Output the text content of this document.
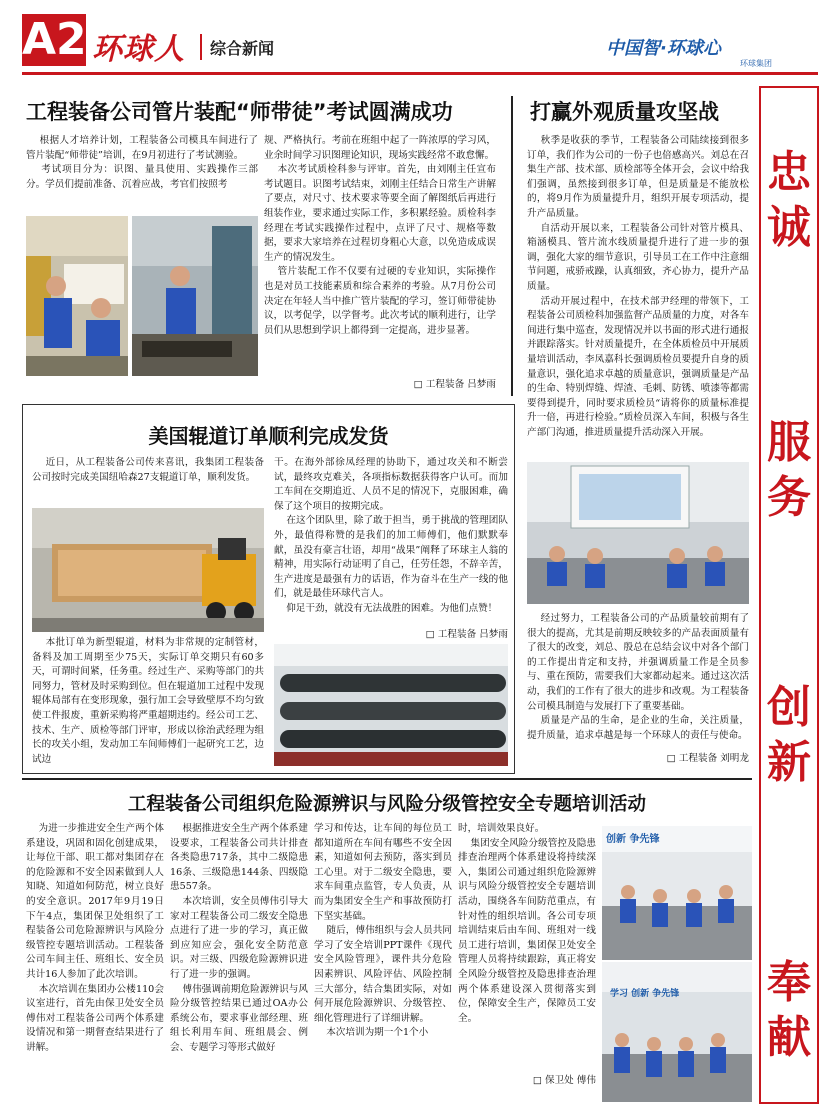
A2 环球人 综合新闻	中国智·环球心
环球集团
工程装备公司管片装配“师带徒”考试圆满成功
根据人才培养计划，工程装备公司模具车间进行了管片装配“师带徒”培训，在9月初进行了考试测验。
考试项目分为：识图、量具使用、实践操作三部分。学员们提前准备、沉着应战，考官们按照考
规、严格执行。考前在班组中起了一阵浓厚的学习风，业余时间学习识图理论知识，现场实践经常不敢怠懈。
本次考试质检科参与评审。首先，由刘刚主任宣布考试题目。识图考试结束，刘刚主任结合日常生产讲解了要点，对尺寸、技术要求等要全面了解图纸后再进行组装作业，要求通过实际工作，多积累经验。质检科李经理在考试实践操作过程中，点评了尺寸、规格等数据，要求大家培养在过程切身粗心大意，以免造成成误生产的情况发生。
管片装配工作不仅要有过硬的专业知识，实际操作也是对员工技能素质和综合素养的考验。从7月份公司决定在年轻人当中推广管片装配的学习，签订师带徒协议，以考促学，以学督考。此次考试的顺利进行，让学员们从思想到学识上都得到一定提高，进步显著。
□ 工程装备 吕梦雨
美国辊道订单顺利完成发货
近日，从工程装备公司传来喜讯，我集团工程装备公司按时完成美国纽哈森27支辊道订单，顺利发货。
本批订单为新型辊道，材料为非常规的定制管材，备料及加工周期至少75天，实际订单交期只有60多天，可谓时间紧，任务重。经过生产、采购等部门的共同努力，管材及时采购到位。但在辊道加工过程中发现辊体局部有在变形现象，强行加工会导致壁厚不均匀致使工件报废，重新采购将严重超期违约。经公司工艺、技术、生产、质检等部门评审，形成以徐治武经理为组长的攻关小组，发动加工车间师傅们一起研究工艺，边试边
干。在海外部徐凤经理的协助下，通过攻关和不断尝试，最终攻克难关，各项指标数据获得客户认可。而加工车间在交期追近、人员不足的情况下，克服困难，确保了这个项目的按期完成。
在这个团队里，除了敢于担当，勇于挑战的管理团队外，最值得称赞的是我们的加工师傅们，他们默默奉献，虽没有豪言壮语，却用“战果”阐释了环球主人翁的精神，用实际行动证明了自己，任劳任怨，不辞辛苦，生产进度是最强有力的话语，作为奋斗在生产一线的他们，就是最佳环球代言人。
仰足干劲，就没有无法战胜的困难。为他们点赞！
□ 工程装备 吕梦雨
打赢外观质量攻坚战
秋季是收获的季节，工程装备公司陆续接到很多订单，我们作为公司的一份子也倍感高兴。刘总在召集生产部、技术部、质检部等全体开会，会议中给我们强调，虽然接到很多订单，但是质量是不能放松的，将9月作为质量提升月，组织开展专项活动，提升产品质量。
自活动开展以来，工程装备公司针对管片模具、箱涵模具、管片流水线质量提升进行了进一步的强调，强化大家的细节意识，引导员工在工作中注意细节问题，戒骄戒躁，认真细致，齐心协力，提升产品质量。
活动开展过程中，在技术部尹经理的带领下，工程装备公司质检科加强监督产品质量的力度，对各车间进行集中巡查，发现情况并以书面的形式进行通报并跟踪落实。针对质量提升，在全体质检员中开展质量培训活动，李凤嘉科长强调质检员要提升自身的质量意识，强化追求卓越的质量意识，强调质量是产品的生命、特别焊缝、焊渣、毛刺、防锈、喷漆等都需要得到提升，同时要求质检员“请将你的质量标准提升一倍，再进行检验。”质检员深入车间，积极与各生产部门沟通，推进质量提升活动深入开展。
经过努力，工程装备公司的产品质量较前期有了很大的提高，尤其是前期反映较多的产品表面质量有了很大的改变，刘总、殷总在总结会议中对各个部门的工作提出肯定和支持，并强调质量工作是全员参与、重在预防，需要我们大家都动起来。通过这次活动，我们的工作有了很大的进步和改观。为工程装备公司模具制造与发展打下了重要基础。
质量是产品的生命，是企业的生命，关注质量，提升质量，追求卓越是每一个环球人的责任与使命。
□ 工程装备 刘明龙
忠
诚
服
务
创
新
奉
献
工程装备公司组织危险源辨识与风险分级管控安全专题培训活动
为进一步推进安全生产两个体系建设，巩固和固化创建成果，让每位干部、职工都对集团存在的危险源和不安全因素做到人人知晓、知道如何防范，树立良好的安全意识。2017年9月19日下午4点，集团保卫处组织了工程装备公司危险源辨识与风险分级管控专题培训活动。工程装备公司车间主任、班组长、安全员共计16人参加了此次培训。
本次培训在集团办公楼110会议室进行，首先由保卫处安全员傅伟对工程装备公司两个体系建设情况和第一期督查结果进行了讲解。
根据推进安全生产两个体系建设要求，工程装备公司共计排查各类隐患717条，其中二级隐患16条、三级隐患144条、四级隐患557条。
本次培训，安全员傅伟引导大家对工程装备公司二级安全隐患点进行了进一步的学习，真正做到应知应会，强化安全防范意识。对三级、四级危险源辨识进行了进一步的强调。
傅伟强调前期危险源辨识与风险分级管控结果已通过OA办公系统公布，要求事业部经理、班组长利用车间、班组晨会、例会、专题学习等形式做好
学习和传达，让车间的每位员工都知道所在车间有哪些不安全因素，知道如何去预防，落实到员工心里。对于二级安全隐患，要求车间重点监管，专人负责，从而为集团安全生产和事故预防打下坚实基础。
随后，傅伟组织与会人员共同学习了安全培训PPT课件《现代安全风险管理》，课件共分危险因素辨识、风险评估、风险控制三大部分，结合集团实际，对如何开展危险源辨识、分级管控、细化管理进行了详细讲解。
本次培训为期一个1个小
时，培训效果良好。
集团安全风险分级管控及隐患排查治理两个体系建设将持续深入，集团公司通过组织危险源辨识与风险分级管控安全专题培训活动，围绕各车间防范重点，有针对性的组织培训。各公司专项培训结束后由车间、班组对一线员工进行培训，集团保卫处安全管理人员将持续跟踪，真正将安全风险分级管控及隐患排查治理两个体系建设深入贯彻落实到位，保障安全生产，保障员工安全。
□ 保卫处 傅伟
创新 争先锋
学习 创新 争先锋
